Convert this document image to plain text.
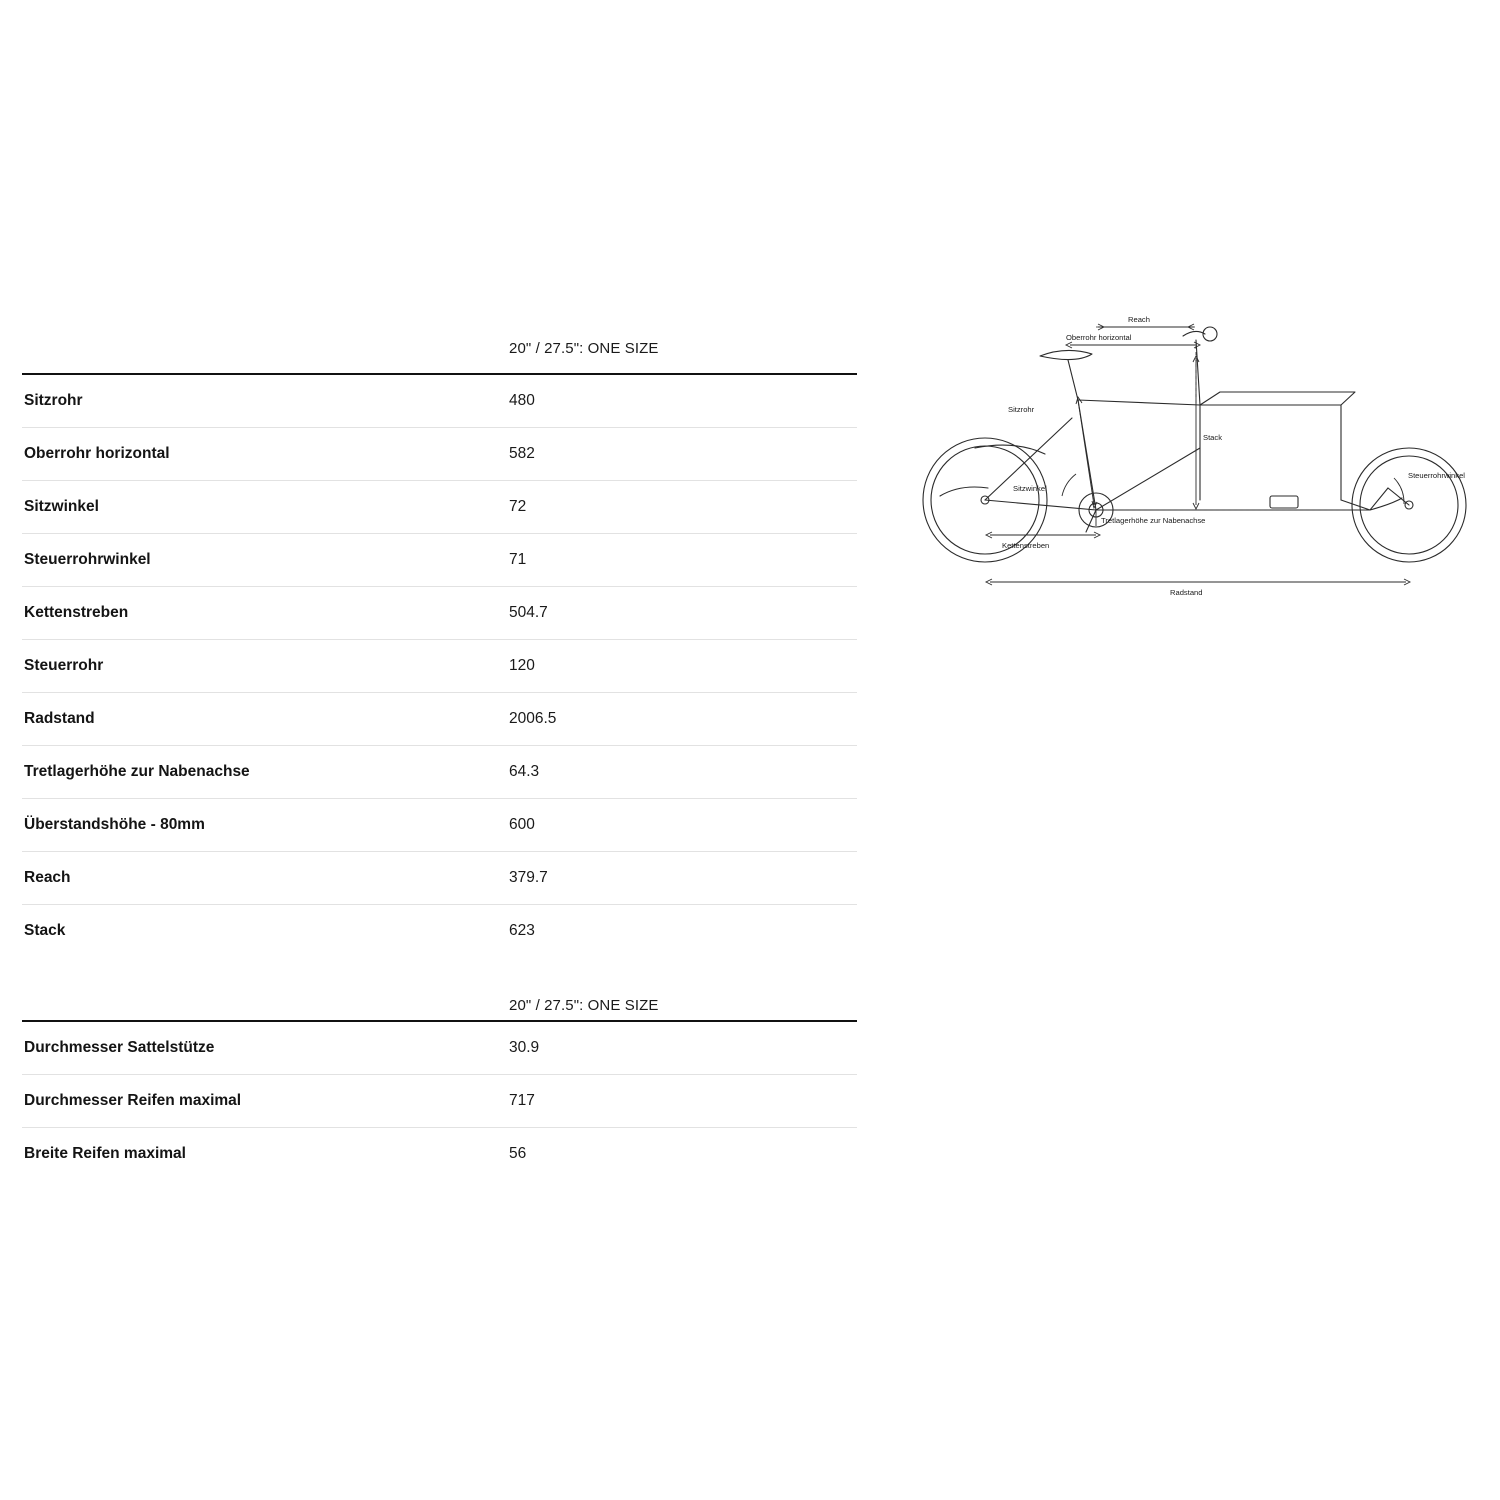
	20" / 27.5": ONE SIZE

Sitzrohr	480
Oberrohr horizontal	582
Sitzwinkel	72
Steuerrohrwinkel	71
Kettenstreben	504.7
Steuerrohr	120
Radstand	2006.5
Tretlagerhöhe zur Nabenachse	64.3
Überstandshöhe - 80mm	600
Reach	379.7
Stack	623
	20" / 27.5": ONE SIZE

Durchmesser Sattelstütze	30.9
Durchmesser Reifen maximal	717
Breite Reifen maximal	56
Reach
Oberrohr horizontal
Sitzrohr
Stack
Sitzwinkel
Steuerrohrwinkel
Tretlagerhöhe zur Nabenachse
Kettenstreben
Radstand
